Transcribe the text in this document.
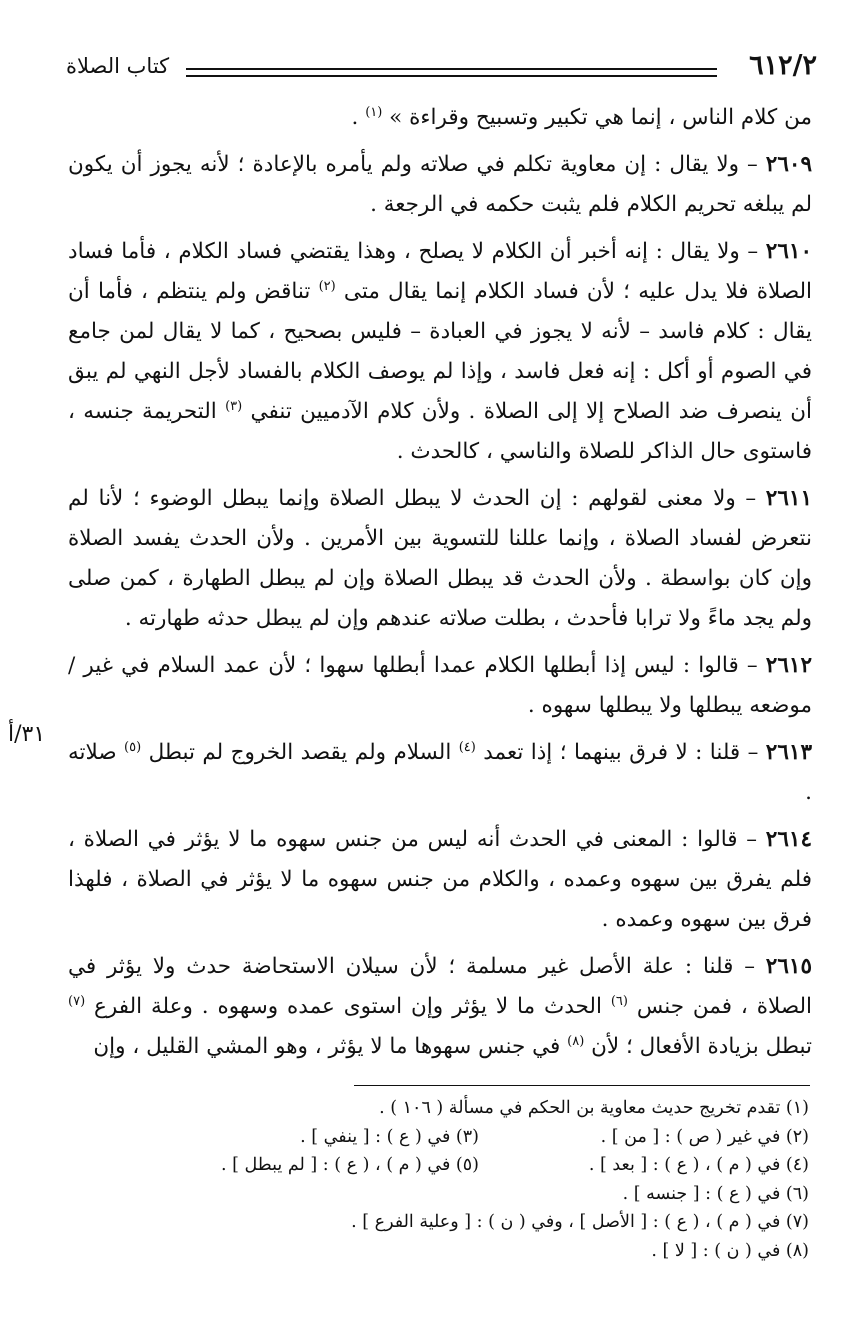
٦١٢/٢
كتاب الصلاة

من كلام الناس ، إنما هي تكبير وتسبيح وقراءة » $^{(١)}$ .

٢٦٠٩ – ولا يقال : إن معاوية تكلم في صلاته ولم يأمره بالإعادة ؛ لأنه يجوز أن يكون لم يبلغه تحريم الكلام فلم يثبت حكمه في الرجعة .

٢٦١٠ – ولا يقال : إنه أخبر أن الكلام لا يصلح ، وهذا يقتضي فساد الكلام ، فأما فساد الصلاة فلا يدل عليه ؛ لأن فساد الكلام إنما يقال متى $^{(٢)}$ تناقض ولم ينتظم ، فأما أن يقال : كلام فاسد – لأنه لا يجوز في العبادة – فليس بصحيح ، كما لا يقال لمن جامع في الصوم أو أكل : إنه فعل فاسد ، وإذا لم يوصف الكلام بالفساد لأجل النهي لم يبق أن ينصرف ضد الصلاح إلا إلى الصلاة . ولأن كلام الآدميين تنفي $^{(٣)}$ التحريمة جنسه ، فاستوى حال الذاكر للصلاة والناسي ، كالحدث .

٢٦١١ – ولا معنى لقولهم : إن الحدث لا يبطل الصلاة وإنما يبطل الوضوء ؛ لأنا لم نتعرض لفساد الصلاة ، وإنما عللنا للتسوية بين الأمرين . ولأن الحدث يفسد الصلاة وإن كان بواسطة . ولأن الحدث قد يبطل الصلاة وإن لم يبطل الطهارة ، كمن صلى ولم يجد ماءً ولا ترابا فأحدث ، بطلت صلاته عندهم وإن لم يبطل حدثه طهارته .

٢٦١٢ – قالوا : ليس إذا أبطلها الكلام عمدا أبطلها سهوا ؛ لأن عمد السلام في غير / موضعه يبطلها ولا يبطلها سهوه .

٢٦١٣ – قلنا : لا فرق بينهما ؛ إذا تعمد $^{(٤)}$ السلام ولم يقصد الخروج لم تبطل $^{(٥)}$ صلاته .

٢٦١٤ – قالوا : المعنى في الحدث أنه ليس من جنس سهوه ما لا يؤثر في الصلاة ، فلم يفرق بين سهوه وعمده ، والكلام من جنس سهوه ما لا يؤثر في الصلاة ، فلهذا فرق بين سهوه وعمده .

٢٦١٥ – قلنا : علة الأصل غير مسلمة ؛ لأن سيلان الاستحاضة حدث ولا يؤثر في الصلاة ، فمن جنس $^{(٦)}$ الحدث ما لا يؤثر وإن استوى عمده وسهوه . وعلة الفرع $^{(٧)}$ تبطل بزيادة الأفعال ؛ لأن $^{(٨)}$ في جنس سهوها ما لا يؤثر ، وهو المشي القليل ، وإن

٣١/أ
(١) تقدم تخريج حديث معاوية بن الحكم في مسألة ( ١٠٦ ) .
(٢) في غير ( ص ) : [ من ] .
(٣) في ( ع ) : [ ينفي ] .
(٤) في ( م ) ، ( ع ) : [ بعد ] .
(٥) في ( م ) ، ( ع ) : [ لم يبطل ] .
(٦) في ( ع ) : [ جنسه ] .
(٧) في ( م ) ، ( ع ) : [ الأصل ] ، وفي ( ن ) : [ وعلية الفرع ] .
(٨) في ( ن ) : [ لا ] .
